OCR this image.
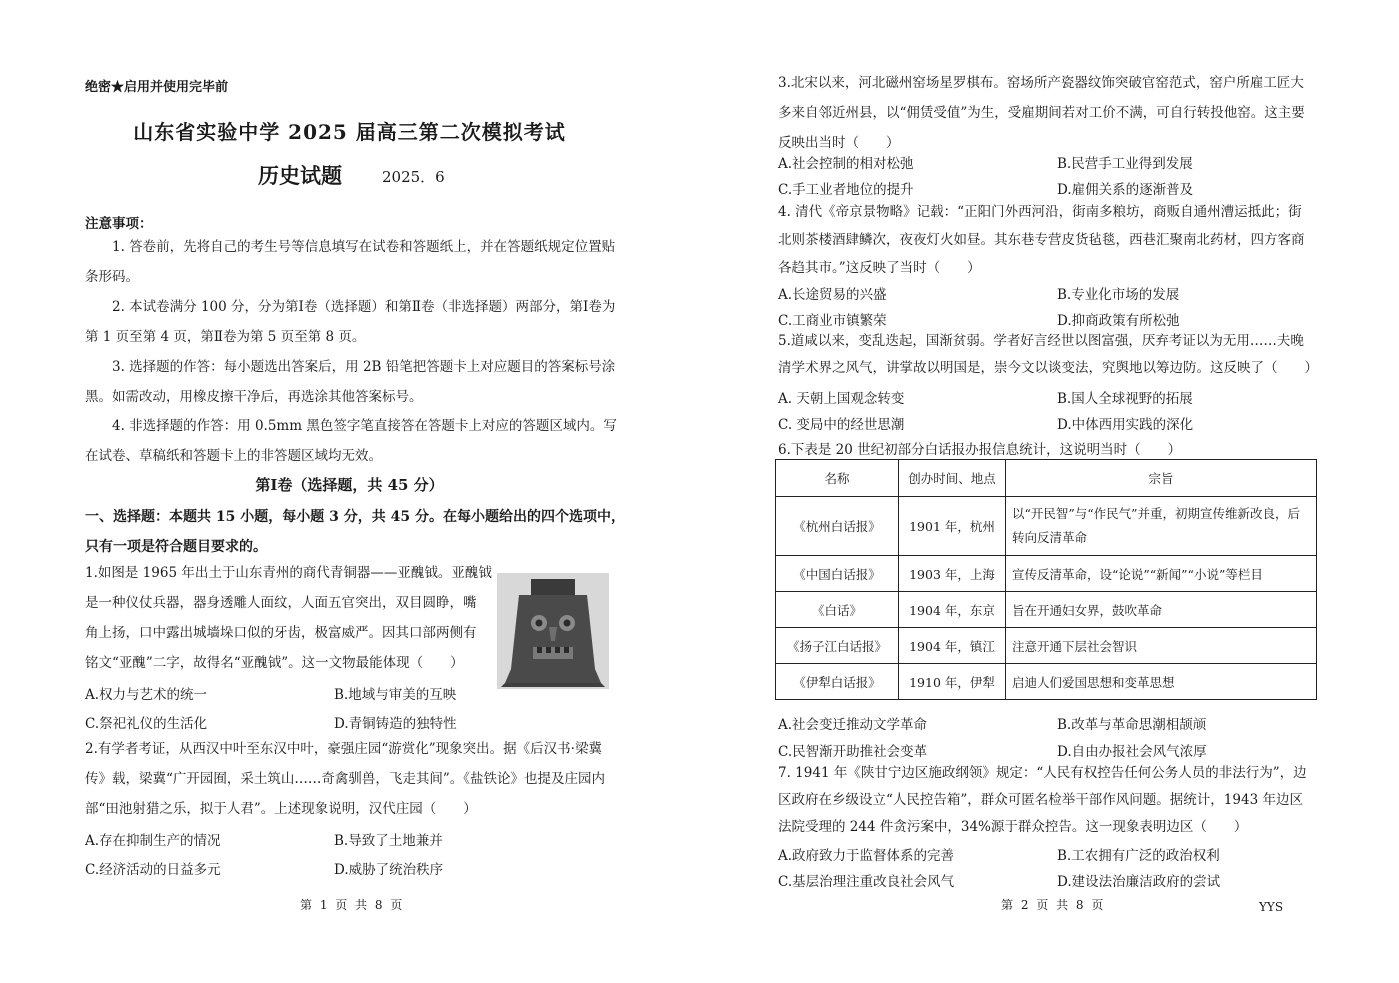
绝密★启用并使用完毕前
山东省实验中学 2025 届高三第二次模拟考试
历史试题	2025．6
注意事项：
1. 答卷前，先将自己的考生号等信息填写在试卷和答题纸上，并在答题纸规定位置贴条形码。
2. 本试卷满分 100 分，分为第Ⅰ卷（选择题）和第Ⅱ卷（非选择题）两部分，第Ⅰ卷为第 1 页至第 4 页，第Ⅱ卷为第 5 页至第 8 页。
3. 选择题的作答：每小题选出答案后，用 2B 铅笔把答题卡上对应题目的答案标号涂黑。如需改动，用橡皮擦干净后，再选涂其他答案标号。
4. 非选择题的作答：用 0.5mm 黑色签字笔直接答在答题卡上对应的答题区域内。写在试卷、草稿纸和答题卡上的非答题区域均无效。
第Ⅰ卷（选择题，共 45 分）
一、选择题：本题共 15 小题，每小题 3 分，共 45 分。在每小题给出的四个选项中，只有一项是符合题目要求的。
1.如图是 1965 年出土于山东青州的商代青铜器——亚醜钺。亚醜钺
是一种仪仗兵器，器身透雕人面纹，人面五官突出，双目圆睁，嘴
角上扬，口中露出城墙垛口似的牙齿，极富威严。因其口部两侧有
铭文“亚醜”二字，故得名“亚醜钺”。这一文物最能体现（　　）
A.权力与艺术的统一	B.地域与审美的互映
C.祭祀礼仪的生活化	D.青铜铸造的独特性
2.有学者考证，从西汉中叶至东汉中叶，豪强庄园“游赏化”现象突出。据《后汉书·梁冀传》载，梁冀“广开园囿，采土筑山……奇禽驯兽，飞走其间”。《盐铁论》也提及庄园内部“田池射猎之乐，拟于人君”。上述现象说明，汉代庄园（　　）
A.存在抑制生产的情况	B.导致了土地兼并
C.经济活动的日益多元	D.威胁了统治秩序
第 1 页 共 8 页
3.北宋以来，河北磁州窑场星罗棋布。窑场所产瓷器纹饰突破官窑范式，窑户所雇工匠大多来自邻近州县，以“佣赁受值”为生，受雇期间若对工价不满，可自行转投他窑。这主要反映出当时（　　）
A.社会控制的相对松弛	B.民营手工业得到发展
C.手工业者地位的提升	D.雇佣关系的逐渐普及
4. 清代《帝京景物略》记载：“正阳门外西河沿，街南多粮坊，商贩自通州漕运抵此；街北则茶楼酒肆鳞次，夜夜灯火如昼。其东巷专营皮货毡毯，西巷汇聚南北药材，四方客商各趋其市。”这反映了当时（　　）
A.长途贸易的兴盛	B.专业化市场的发展
C.工商业市镇繁荣	D.抑商政策有所松弛
5.道咸以来，变乱迭起，国渐贫弱。学者好言经世以图富强，厌弃考证以为无用……夫晚清学术界之风气，讲掌故以明国是，崇今文以谈变法，究舆地以筹边防。这反映了（　　）
A. 天朝上国观念转变	B.国人全球视野的拓展
C. 变局中的经世思潮	D.中体西用实践的深化
6.下表是 20 世纪初部分白话报办报信息统计，这说明当时（　　）
A.社会变迁推动文学革命	B.改革与革命思潮相颉颃
C.民智渐开助推社会变革	D.自由办报社会风气浓厚
7. 1941 年《陕甘宁边区施政纲领》规定：“人民有权控告任何公务人员的非法行为”，边区政府在乡级设立“人民控告箱”，群众可匿名检举干部作风问题。据统计，1943 年边区法院受理的 244 件贪污案中，34%源于群众控告。这一现象表明边区（　　）
A.政府致力于监督体系的完善	B.工农拥有广泛的政治权利
C.基层治理注重改良社会风气	D.建设法治廉洁政府的尝试
第 2 页 共 8 页
名称	创办时间、地点	宗旨
《杭州白话报》	1901 年，杭州	以“开民智”与“作民气”并重，初期宣传维新改良，后转向反清革命
《中国白话报》	1903 年，上海	宣传反清革命，设“论说”“新闻”“小说”等栏目
《白话》	1904 年，东京	旨在开通妇女界，鼓吹革命
《扬子江白话报》	1904 年，镇江	注意开通下层社会智识
《伊犁白话报》	1910 年，伊犁	启迪人们爱国思想和变革思想
YYS
